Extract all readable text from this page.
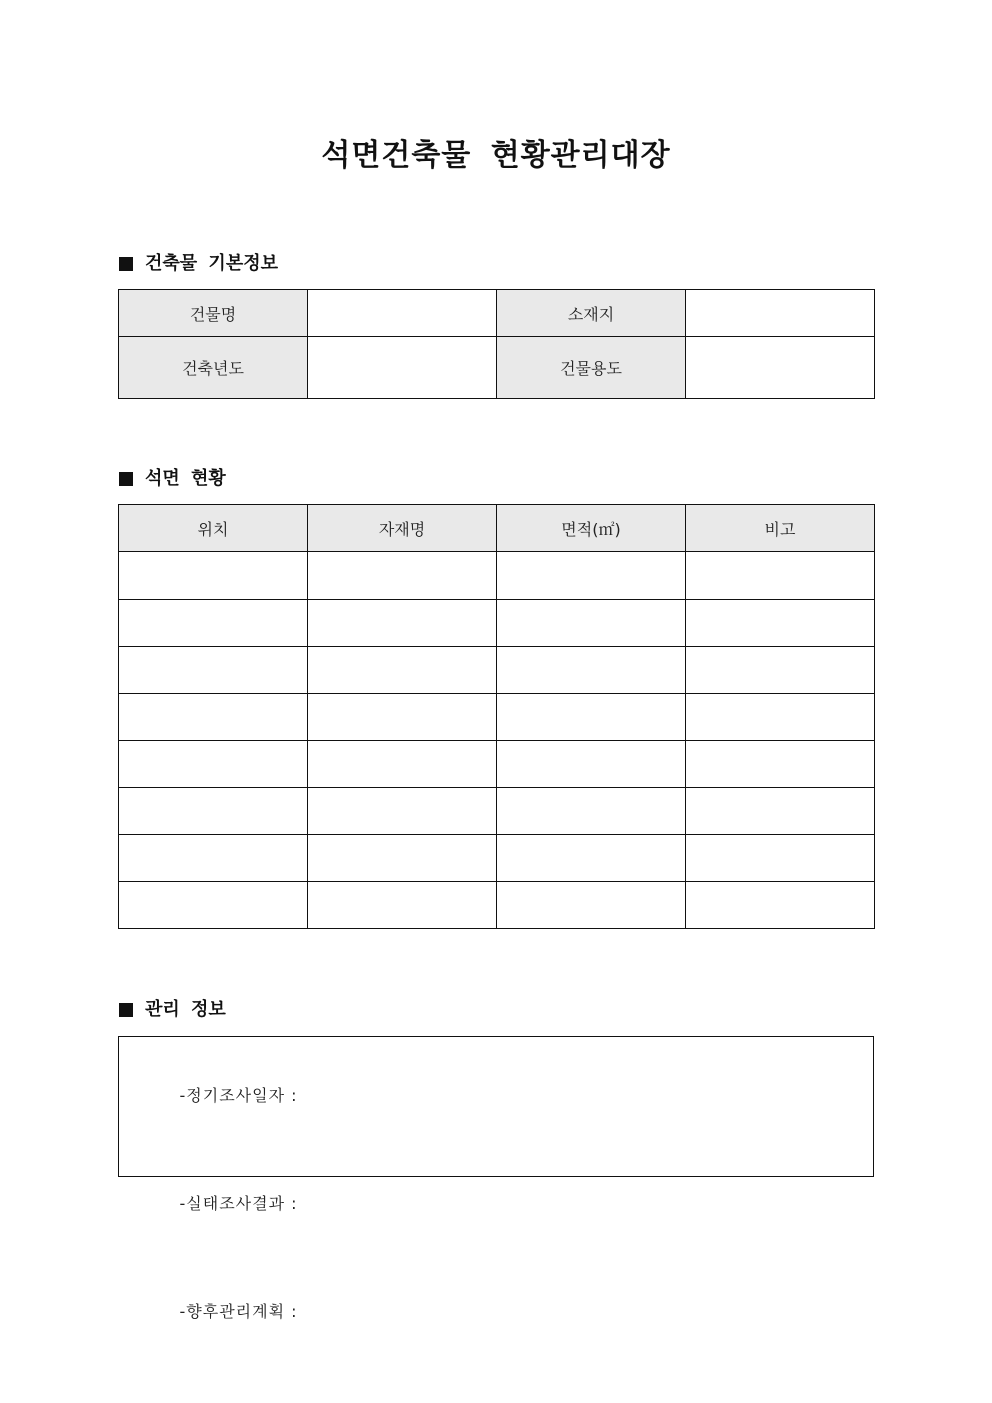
석면건축물 현황관리대장
건축물 기본정보
건물명		소재지	
건축년도		건물용도	
석면 현황
위치	자재명	면적(㎡)	비고

관리 정보

-정기조사일자 :

-실태조사결과 :

-향후관리계획 :
